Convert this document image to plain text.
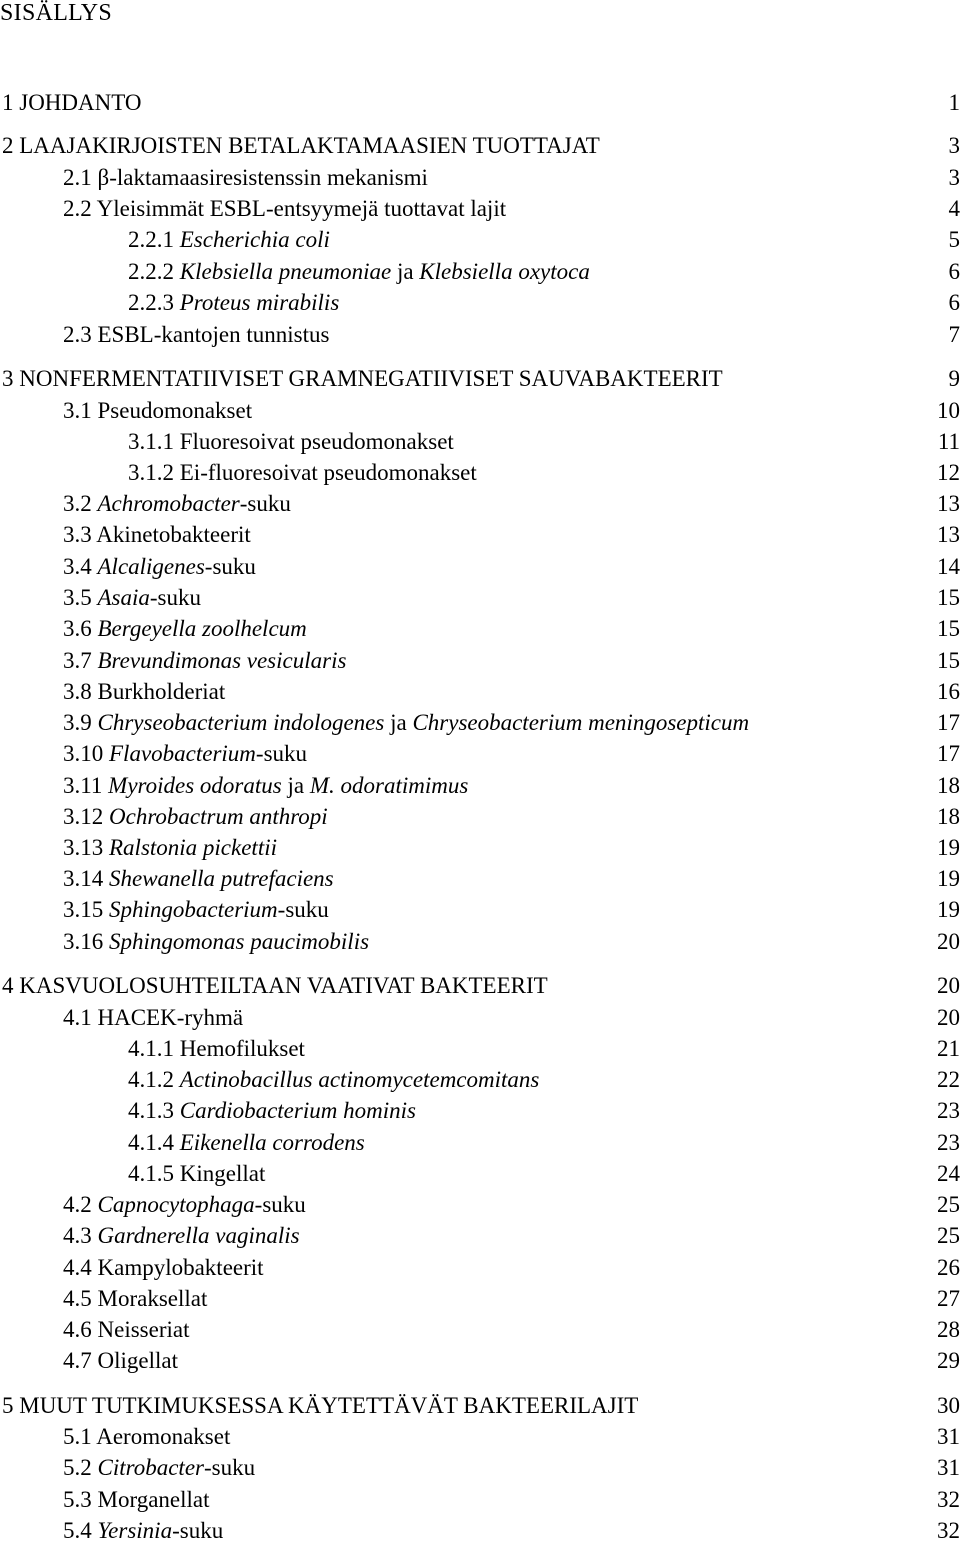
SISÄLLYS
1 JOHDANTO	1
2 LAAJAKIRJOISTEN BETALAKTAMAASIEN TUOTTAJAT	3
2.1 β-laktamaasiresistenssin mekanismi	3
2.2 Yleisimmät ESBL-entsyymejä tuottavat lajit	4
2.2.1 Escherichia coli	5
2.2.2 Klebsiella pneumoniae ja Klebsiella oxytoca	6
2.2.3 Proteus mirabilis	6
2.3 ESBL-kantojen tunnistus	7
3 NONFERMENTATIIVISET GRAMNEGATIIVISET SAUVABAKTEERIT	9
3.1 Pseudomonakset	10
3.1.1 Fluoresoivat pseudomonakset	11
3.1.2 Ei-fluoresoivat pseudomonakset	12
3.2 Achromobacter-suku	13
3.3 Akinetobakteerit	13
3.4 Alcaligenes-suku	14
3.5 Asaia-suku	15
3.6 Bergeyella zoolhelcum	15
3.7 Brevundimonas vesicularis	15
3.8 Burkholderiat	16
3.9 Chryseobacterium indologenes ja Chryseobacterium meningosepticum	17
3.10 Flavobacterium-suku	17
3.11 Myroides odoratus ja M. odoratimimus	18
3.12 Ochrobactrum anthropi	18
3.13 Ralstonia pickettii	19
3.14 Shewanella putrefaciens	19
3.15 Sphingobacterium-suku	19
3.16 Sphingomonas paucimobilis	20
4 KASVUOLOSUHTEILTAAN VAATIVAT BAKTEERIT	20
4.1 HACEK-ryhmä	20
4.1.1 Hemofilukset	21
4.1.2 Actinobacillus actinomycetemcomitans	22
4.1.3 Cardiobacterium hominis	23
4.1.4 Eikenella corrodens	23
4.1.5 Kingellat	24
4.2 Capnocytophaga-suku	25
4.3 Gardnerella vaginalis	25
4.4 Kampylobakteerit	26
4.5 Moraksellat	27
4.6 Neisseriat	28
4.7 Oligellat	29
5 MUUT TUTKIMUKSESSA KÄYTETTÄVÄT BAKTEERILAJIT	30
5.1 Aeromonakset	31
5.2 Citrobacter-suku	31
5.3 Morganellat	32
5.4 Yersinia-suku	32
